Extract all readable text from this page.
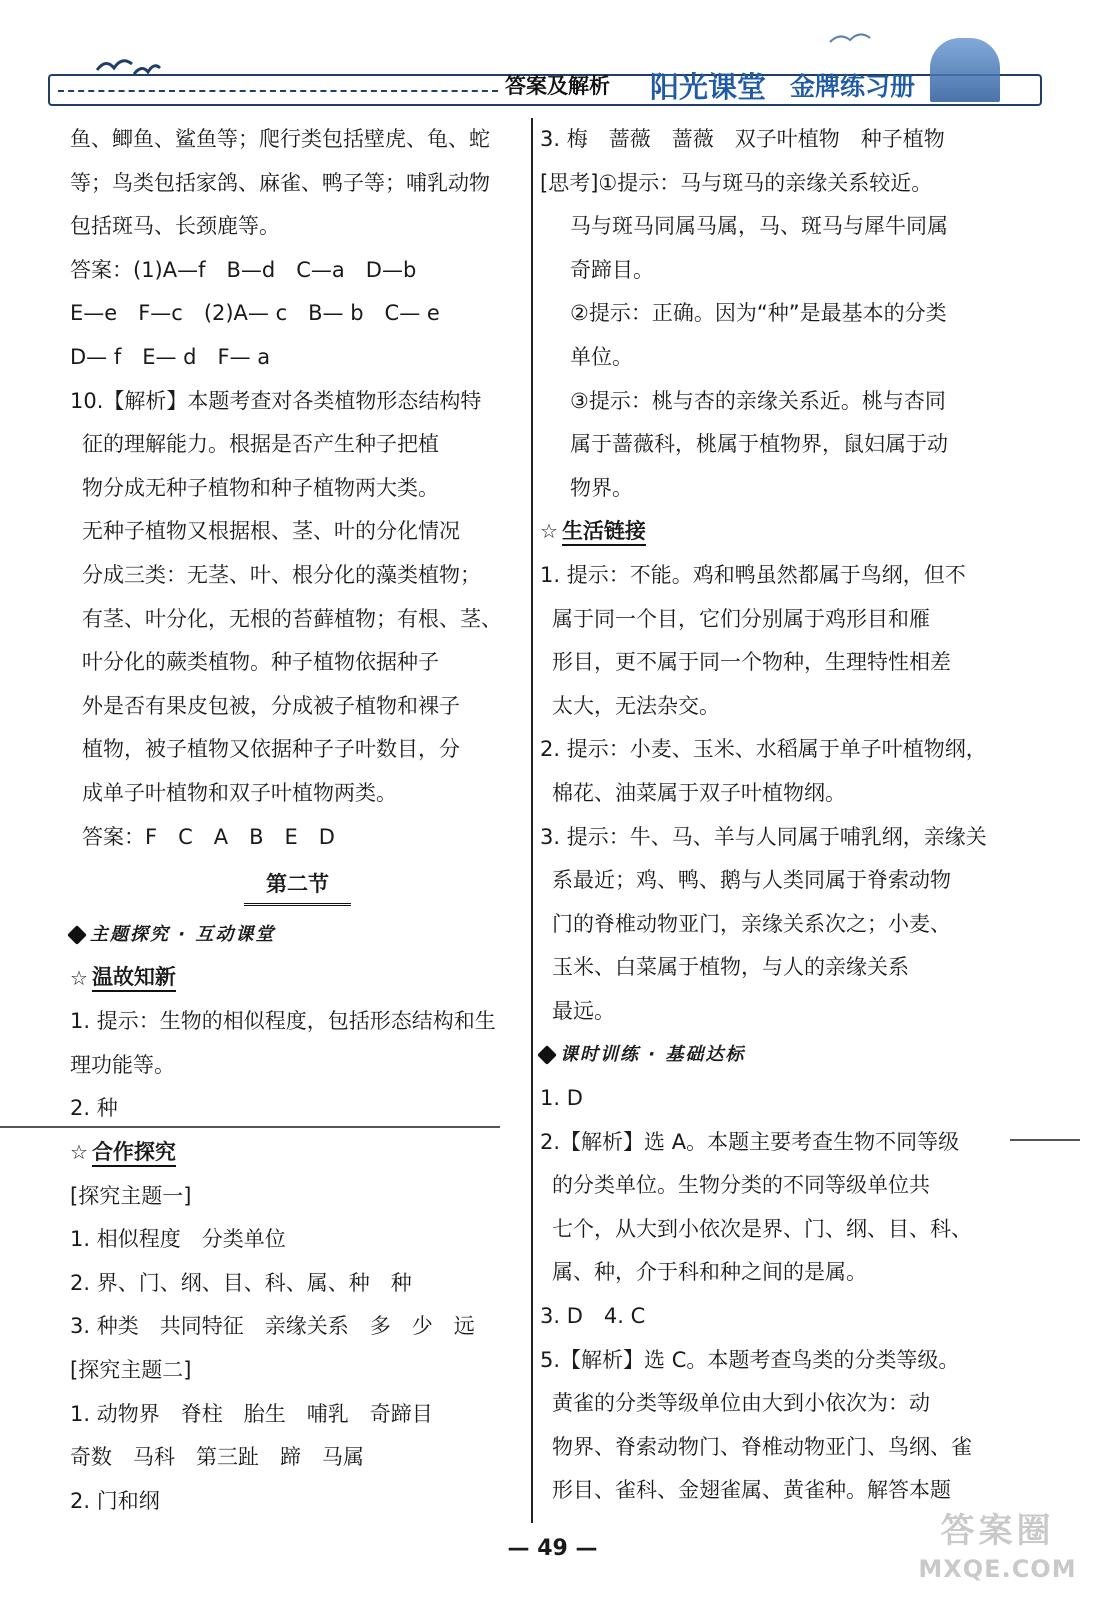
答案及解析 阳光课堂 金牌练习册
鱼、鲫鱼、鲨鱼等；爬行类包括壁虎、龟、蛇
等；鸟类包括家鸽、麻雀、鸭子等；哺乳动物
包括斑马、长颈鹿等。
答案：(1)A—f　B—d　C—a　D—b
E—e　F—c　(2)A— c　B— b　C— e
D— f　E— d　F— a
10.【解析】本题考查对各类植物形态结构特
征的理解能力。根据是否产生种子把植
物分成无种子植物和种子植物两大类。
无种子植物又根据根、茎、叶的分化情况
分成三类：无茎、叶、根分化的藻类植物；
有茎、叶分化，无根的苔藓植物；有根、茎、
叶分化的蕨类植物。种子植物依据种子
外是否有果皮包被，分成被子植物和裸子
植物，被子植物又依据种子子叶数目，分
成单子叶植物和双子叶植物两类。
答案：F　C　A　B　E　D
第二节
主题探究 · 互动课堂
☆ 温故知新
1. 提示：生物的相似程度，包括形态结构和生
理功能等。
2. 种
☆ 合作探究
[探究主题一]
1. 相似程度　分类单位
2. 界、门、纲、目、科、属、种　种
3. 种类　共同特征　亲缘关系　多　少　远
[探究主题二]
1. 动物界　脊柱　胎生　哺乳　奇蹄目
奇数　马科　第三趾　蹄　马属
2. 门和纲
3. 梅　蔷薇　蔷薇　双子叶植物　种子植物
[思考]①提示：马与斑马的亲缘关系较近。
马与斑马同属马属，马、斑马与犀牛同属
奇蹄目。
②提示：正确。因为“种”是最基本的分类
单位。
③提示：桃与杏的亲缘关系近。桃与杏同
属于蔷薇科，桃属于植物界，鼠妇属于动
物界。
☆ 生活链接
1. 提示：不能。鸡和鸭虽然都属于鸟纲，但不
属于同一个目，它们分别属于鸡形目和雁
形目，更不属于同一个物种，生理特性相差
太大，无法杂交。
2. 提示：小麦、玉米、水稻属于单子叶植物纲，
棉花、油菜属于双子叶植物纲。
3. 提示：牛、马、羊与人同属于哺乳纲，亲缘关
系最近；鸡、鸭、鹅与人类同属于脊索动物
门的脊椎动物亚门，亲缘关系次之；小麦、
玉米、白菜属于植物，与人的亲缘关系
最远。
课时训练 · 基础达标
1. D
2.【解析】选 A。本题主要考查生物不同等级
的分类单位。生物分类的不同等级单位共
七个，从大到小依次是界、门、纲、目、科、
属、种，介于科和种之间的是属。
3. D　4. C
5.【解析】选 C。本题考查鸟类的分类等级。
黄雀的分类等级单位由大到小依次为：动
物界、脊索动物门、脊椎动物亚门、鸟纲、雀
形目、雀科、金翅雀属、黄雀种。解答本题
— 49 —	答案圈
MXQE.COM
